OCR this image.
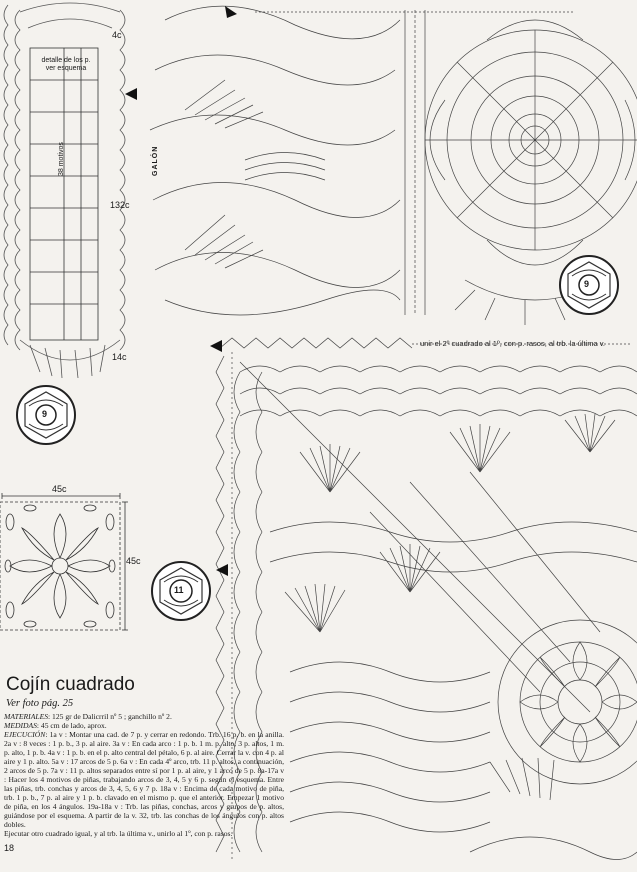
detalle de los p.
ver esquema
38 motivos
4c
132c
14c
GALÓN
9
9
45c
45c
11
unir el 2º cuadrado al 1º, con p. rasos, al trb. la última v.
Cojín cuadrado
Ver foto pág. 25

MATERIALES: 125 gr de Dalicrril nº 5 ; ganchillo nº 2.

MEDIDAS: 45 cm de lado, aprox.

EJECUCIÓN: 1a v : Montar una cad. de 7 p. y cerrar en redondo. Trb. 16 p. b. en la anilla. 2a v : 8 veces : 1 p. b., 3 p. al aire. 3a v : En cada arco : 1 p. b. 1 m. p. alto, 3 p. altos, 1 m. p. alto, 1 p. b. 4a v : 1 p. b. en el p. alto central del pétalo, 6 p. al aire. Cerrar la v. con 4 p. al aire y 1 p. alto. 5a v : 17 arcos de 5 p. 6a v : En cada 4º arco, trb. 11 p. altos, a continuación, 2 arcos de 5 p. 7a v : 11 p. altos separados entre sí por 1 p. al aire, y 1 arco de 5 p. 8a-17a v : Hacer los 4 motivos de piñas, trabajando arcos de 3, 4, 5 y 6 p. según el esquema. Entre las piñas, trb. conchas y arcos de 3, 4, 5, 6 y 7 p. 18a v : Encima de cada motivo de piña, trb. 1 p. b., 7 p. al aire y 1 p. b. clavado en el mismo p. que el anterior. Empezar 1 motivo de piña, en los 4 ángulos. 19a-18a v : Trb. las piñas, conchas, arcos y grupos de p. altos, guiándose por el esquema. A partir de la v. 32, trb. las conchas de los ángulos con p. altos dobles.

Ejecutar otro cuadrado igual, y al trb. la última v., unirlo al 1º, con p. rasos.

18
